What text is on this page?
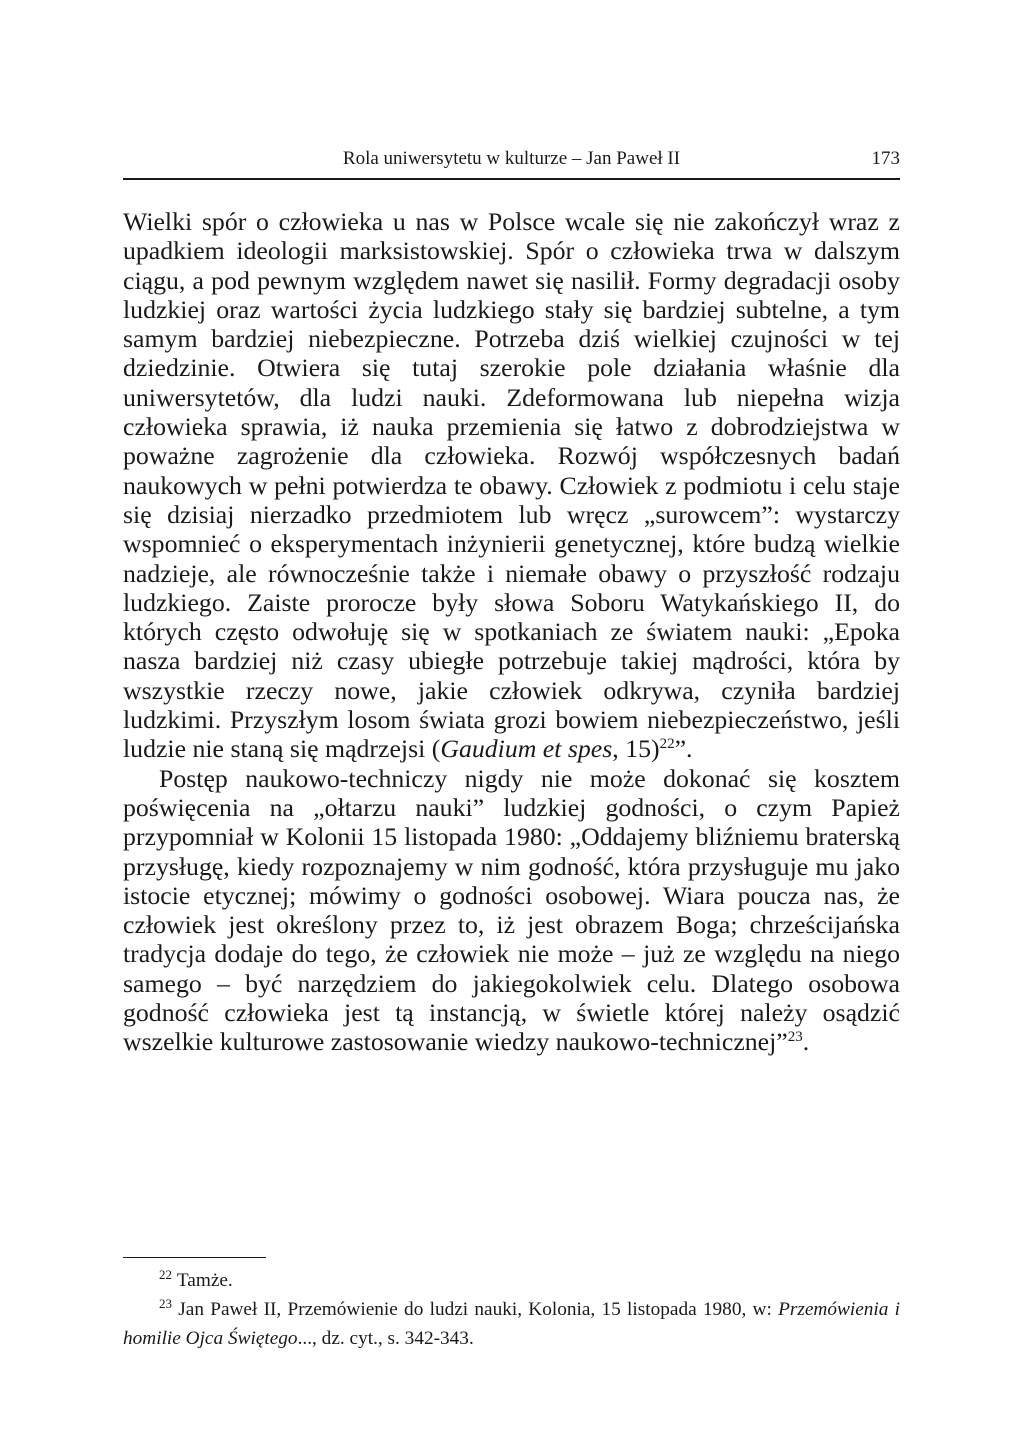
Rola uniwersytetu w kulturze – Jan Paweł II	173

Wielki spór o człowieka u nas w Polsce wcale się nie zakończył wraz z upadkiem ideologii marksistowskiej. Spór o człowieka trwa w dalszym ciągu, a pod pewnym względem nawet się nasilił. Formy degradacji osoby ludzkiej oraz wartości życia ludzkiego stały się bardziej subtelne, a tym samym bardziej niebezpieczne. Potrzeba dziś wielkiej czujności w tej dziedzinie. Otwiera się tutaj szerokie pole działania właśnie dla uniwersytetów, dla ludzi nauki. Zdeformowana lub niepełna wizja człowieka sprawia, iż nauka przemienia się łatwo z dobrodziejstwa w poważne zagrożenie dla człowieka. Rozwój współczesnych badań naukowych w pełni potwierdza te obawy. Człowiek z podmiotu i celu staje się dzisiaj nierzadko przedmiotem lub wręcz „surowcem”: wystarczy wspomnieć o eksperymentach inżynierii genetycznej, które budzą wielkie nadzieje, ale równocześnie także i niemałe obawy o przyszłość rodzaju ludzkiego. Zaiste prorocze były słowa Soboru Watykańskiego II, do których często odwołuję się w spotkaniach ze światem nauki: „Epoka nasza bardziej niż czasy ubiegłe potrzebuje takiej mądrości, która by wszystkie rzeczy nowe, jakie człowiek odkrywa, czyniła bardziej ludzkimi. Przyszłym losom świata grozi bowiem niebezpieczeństwo, jeśli ludzie nie staną się mądrzejsi (Gaudium et spes, 15)$^{22}$”.

Postęp naukowo-techniczy nigdy nie może dokonać się kosztem poświęcenia na „ołtarzu nauki” ludzkiej godności, o czym Papież przypomniał w Kolonii 15 listopada 1980: „Oddajemy bliźniemu braterską przysługę, kiedy rozpoznajemy w nim godność, która przysługuje mu jako istocie etycznej; mówimy o godności osobowej. Wiara poucza nas, że człowiek jest określony przez to, iż jest obrazem Boga; chrześcijańska tradycja dodaje do tego, że człowiek nie może – już ze względu na niego samego – być narzędziem do jakiegokolwiek celu. Dlatego osobowa godność człowieka jest tą instancją, w świetle której należy osądzić wszelkie kulturowe zastosowanie wiedzy naukowo-technicznej”$^{23}$.

$^{22}$ Tamże.

$^{23}$ Jan Paweł II, Przemówienie do ludzi nauki, Kolonia, 15 listopada 1980, w: Przemówienia i homilie Ojca Świętego..., dz. cyt., s. 342-343.
